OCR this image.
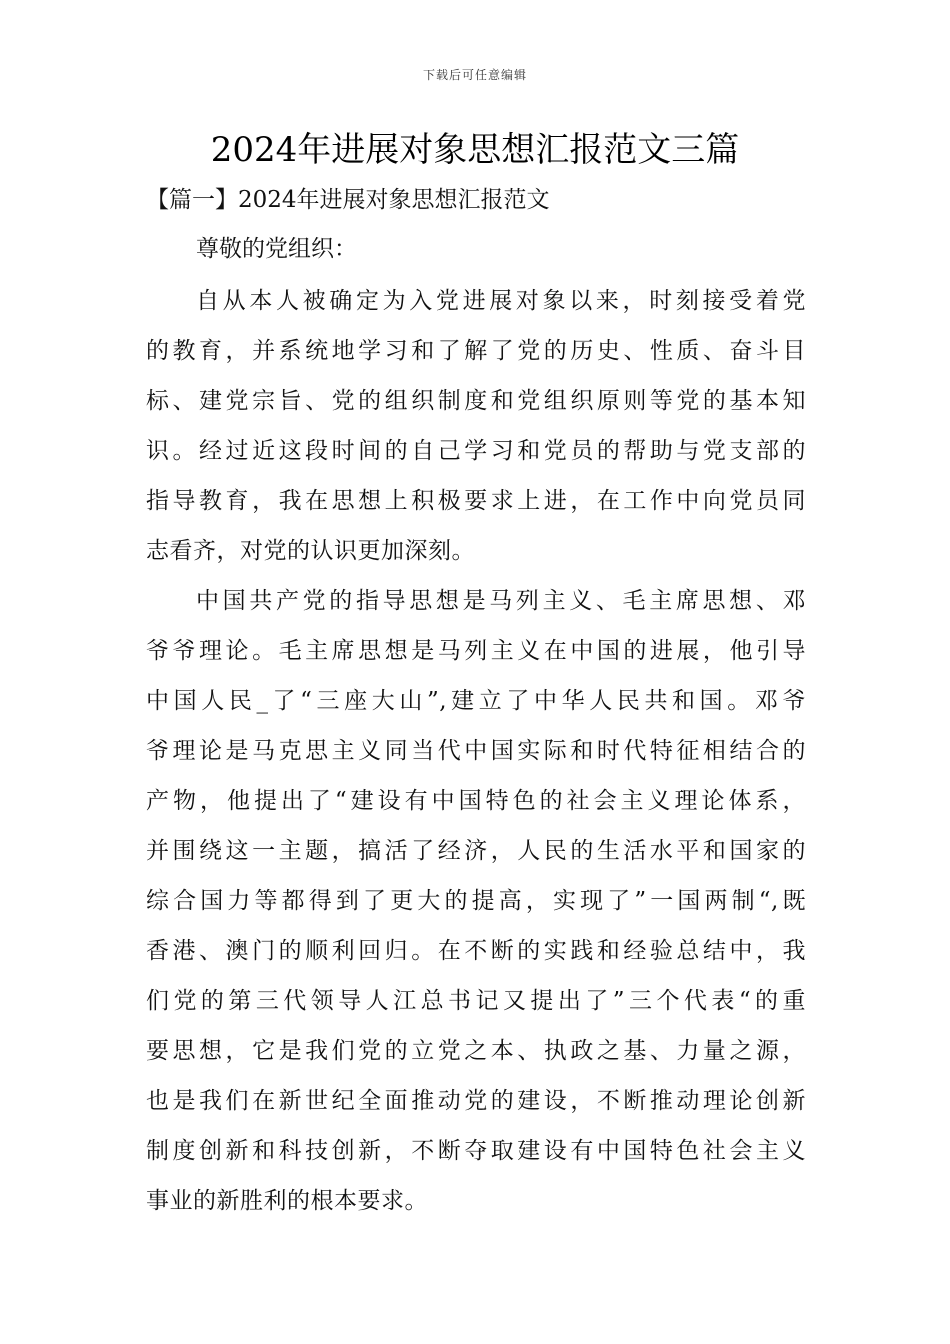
下载后可任意编辑
2024年进展对象思想汇报范文三篇
【篇一】2024年进展对象思想汇报范文
尊敬的党组织：
自从本人被确定为入党进展对象以来，时刻接受着党
的教育，并系统地学习和了解了党的历史、性质、奋斗目
标、建党宗旨、党的组织制度和党组织原则等党的基本知
识。经过近这段时间的自己学习和党员的帮助与党支部的
指导教育，我在思想上积极要求上进，在工作中向党员同
志看齐，对党的认识更加深刻。
中国共产党的指导思想是马列主义、毛主席思想、邓
爷爷理论。毛主席思想是马列主义在中国的进展，他引导
中国人民_了“三座大山”,建立了中华人民共和国。邓爷
爷理论是马克思主义同当代中国实际和时代特征相结合的
产物，他提出了“建设有中国特色的社会主义理论体系，
并围绕这一主题，搞活了经济，人民的生活水平和国家的
综合国力等都得到了更大的提高，实现了”一国两制“,既
香港、澳门的顺利回归。在不断的实践和经验总结中，我
们党的第三代领导人江总书记又提出了”三个代表“的重
要思想，它是我们党的立党之本、执政之基、力量之源，
也是我们在新世纪全面推动党的建设，不断推动理论创新
制度创新和科技创新，不断夺取建设有中国特色社会主义
事业的新胜利的根本要求。
